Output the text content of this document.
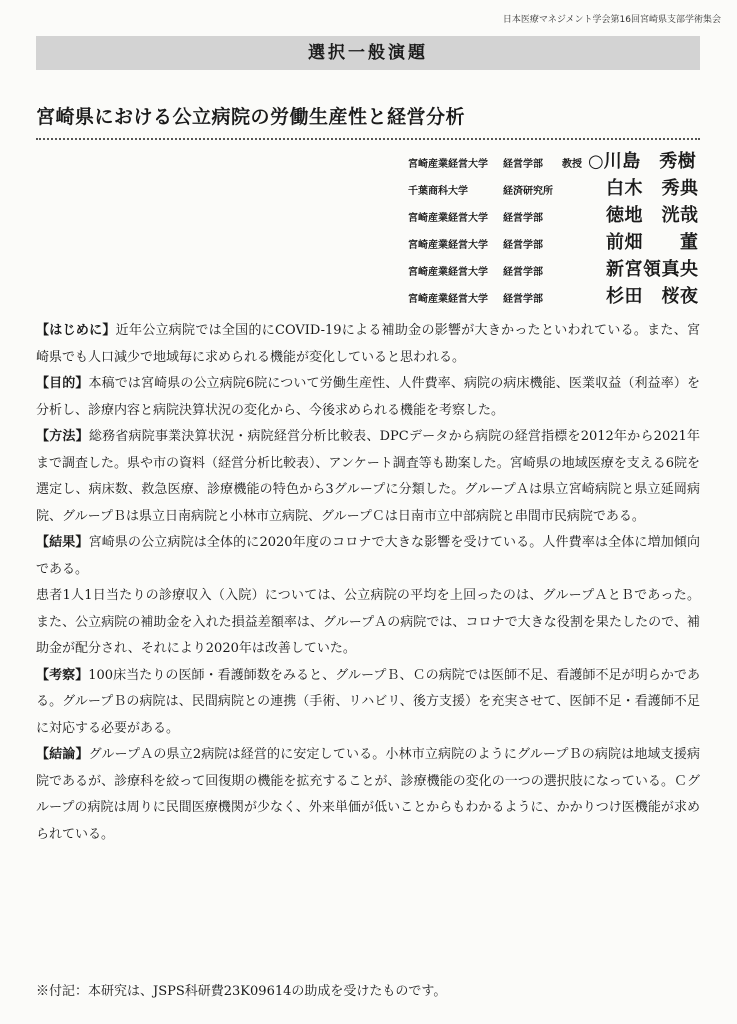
日本医療マネジメント学会第16回宮崎県支部学術集会
選択一般演題
宮崎県における公立病院の労働生産性と経営分析
宮崎産業経営大学 経営学部 教授 ○川島　秀樹
千葉商科大学	経済研究所	白木　秀典
宮崎産業経営大学 経営学部	徳地　洸哉
宮崎産業経営大学 経営学部	前畑　　董
宮崎産業経営大学 経営学部	新宮領真央
宮崎産業経営大学 経営学部	杉田　桜夜

【はじめに】近年公立病院では全国的にCOVID-19による補助金の影響が大きかったといわれている。また、宮崎県でも人口減少で地域毎に求められる機能が変化していると思われる。

【目的】本稿では宮崎県の公立病院6院について労働生産性、人件費率、病院の病床機能、医業収益（利益率）を分析し、診療内容と病院決算状況の変化から、今後求められる機能を考察した。

【方法】総務省病院事業決算状況・病院経営分析比較表、DPCデータから病院の経営指標を2012年から2021年まで調査した。県や市の資料（経営分析比較表）、アンケート調査等も勘案した。宮崎県の地域医療を支える6院を選定し、病床数、救急医療、診療機能の特色から3グループに分類した。グループＡは県立宮崎病院と県立延岡病院、グループＢは県立日南病院と小林市立病院、グループＣは日南市立中部病院と串間市民病院である。

【結果】宮崎県の公立病院は全体的に2020年度のコロナで大きな影響を受けている。人件費率は全体に増加傾向である。

患者1人1日当たりの診療収入（入院）については、公立病院の平均を上回ったのは、グループＡとＢであった。また、公立病院の補助金を入れた損益差額率は、グループＡの病院では、コロナで大きな役割を果たしたので、補助金が配分され、それにより2020年は改善していた。

【考察】100床当たりの医師・看護師数をみると、グループＢ、Ｃの病院では医師不足、看護師不足が明らかである。グループＢの病院は、民間病院との連携（手術、リハビリ、後方支援）を充実させて、医師不足・看護師不足に対応する必要がある。

【結論】グループＡの県立2病院は経営的に安定している。小林市立病院のようにグループＢの病院は地域支援病院であるが、診療科を絞って回復期の機能を拡充することが、診療機能の変化の一つの選択肢になっている。Ｃグループの病院は周りに民間医療機関が少なく、外来単価が低いことからもわかるように、かかりつけ医機能が求められている。

※付記：本研究は、JSPS科研費23K09614の助成を受けたものです。
